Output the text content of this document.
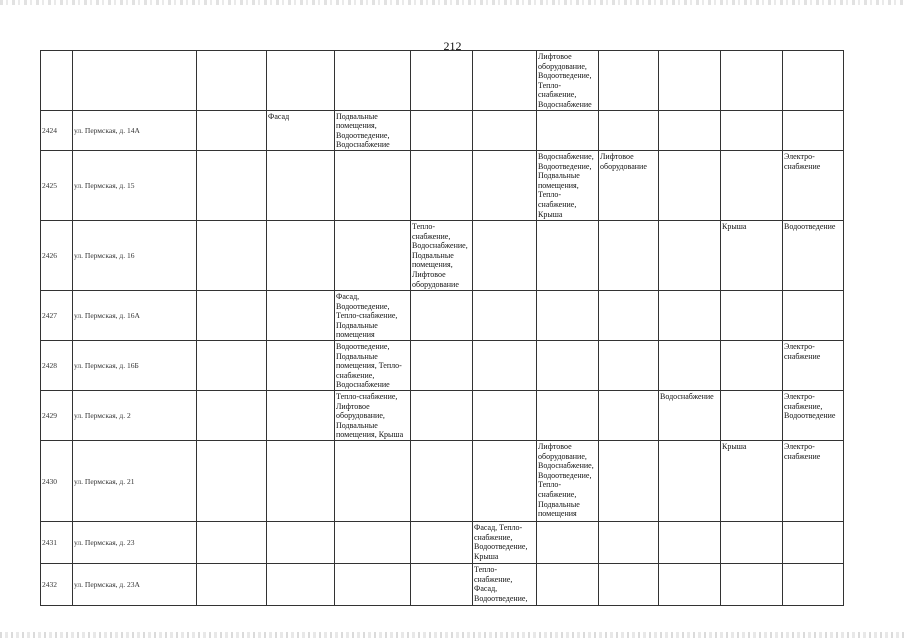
212

							Лифтовое оборудование, Водоотведение, Тепло-
снабжение, Водоснабжение				

2424	ул. Пермская, д. 14А		Фасад	Подвальные помещения, Водоотведение, Водоснабжение							

2425	ул. Пермская, д. 15						Водоснабжение, Водоотведение, Подвальные помещения, Тепло-
снабжение, Крыша	Лифтовое оборудование			Электро-
снабжение

2426	ул. Пермская, д. 16				Тепло-
снабжение, Водоснабжение, Подвальные помещения, Лифтовое оборудование					Крыша	Водоотведение

2427	ул. Пермская, д. 16А			Фасад, Водоотведение, Тепло-снабжение, Подвальные помещения							

2428	ул. Пермская, д. 16Б			Водоотведение, Подвальные помещения, Тепло-
снабжение, Водоснабжение							Электро-
снабжение

2429	ул. Пермская, д. 2			Тепло-снабжение, Лифтовое оборудование, Подвальные помещения, Крыша					Водоснабжение		Электро-
снабжение, Водоотведение

2430	ул. Пермская, д. 21						Лифтовое оборудование, Водоснабжение, Водоотведение, Тепло-
снабжение, Подвальные помещения			Крыша	Электро-
снабжение

2431	ул. Пермская, д. 23					Фасад, Тепло-
снабжение, Водоотведение, Крыша					

2432	ул. Пермская, д. 23А					Тепло-
снабжение, Фасад, Водоотведение,					
